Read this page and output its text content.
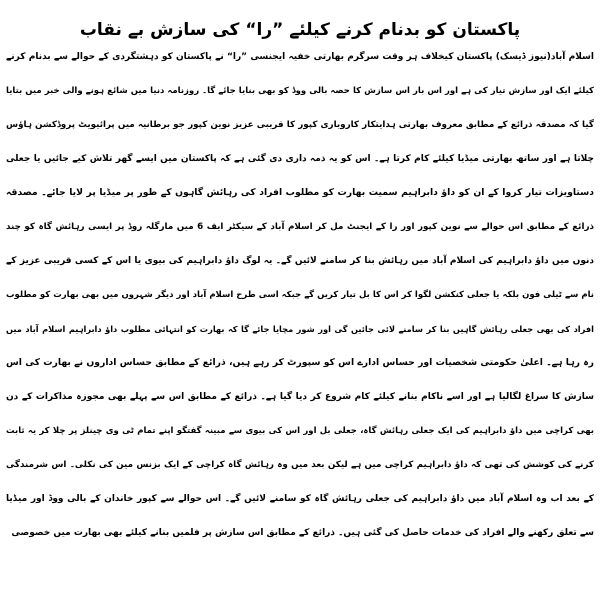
پاکستان کو بدنام کرنے کیلئے ”را“ کی سازش بے نقاب
اسلام آباد(نیوز ڈیسک) پاکستان کیخلاف ہر وقت سرگرم بھارتی خفیہ ایجنسی ”را“ نے پاکستان کو دہشتگردی کے حوالے سے بدنام کرنے
کیلئے ایک اور سازش تیار کی ہے اور اس بار اس سازش کا حصہ بالی ووڈ کو بھی بنایا جائے گا۔ روزنامہ دنیا میں شائع ہونے والی خبر میں بتایا
گیا کہ مصدقہ ذرائع کے مطابق معروف بھارتی ہدایتکار کاروباری کپور کا قریبی عزیز نوین کپور جو برطانیہ میں پرائیویٹ پروڈکشن ہاؤس
چلاتا ہے اور ساتھ بھارتی میڈیا کیلئے کام کرتا ہے۔ اس کو یہ ذمہ داری دی گئی ہے کہ پاکستان میں ایسے گھر تلاش کیے جائیں یا جعلی
دستاویزات تیار کروا کے ان کو داؤ دابراہیم سمیت بھارت کو مطلوب افراد کی رہائش گاہوں کے طور پر میڈیا پر لایا جائے۔ مصدقہ
ذرائع کے مطابق اس حوالے سے نوین کپور اور را کے ایجنٹ مل کر اسلام آباد کے سیکٹر ایف 6 میں مارگلہ روڈ پر ایسی رہائش گاہ کو چند
دنوں میں داؤ دابراہیم کی اسلام آباد میں رہائش بنا کر سامنے لائیں گے۔ یہ لوگ داؤ دابراہیم کی بیوی یا اس کے کسی قریبی عزیز کے
نام سے ٹیلی فون بلکہ یا جعلی کنکشن لگوا کر اس کا بل تیار کریں گے جبکہ اسی طرح اسلام آباد اور دیگر شہروں میں بھی بھارت کو مطلوب
افراد کی بھی جعلی رہائش گاہیں بنا کر سامنے لائی جائیں گی اور شور مچایا جائے گا کہ بھارت کو انتہائی مطلوب داؤ دابراہیم اسلام آباد میں
رہ رہا ہے۔ اعلیٰ حکومتی شخصیات اور حساس ادارے اس کو سپورٹ کر رہے ہیں، ذرائع کے مطابق حساس اداروں نے بھارت کی اس
سازش کا سراغ لگالیا ہے اور اسے ناکام بنانے کیلئے کام شروع کر دیا گیا ہے۔ ذرائع کے مطابق اس سے پہلے بھی مجوزہ مذاکرات کے دن
بھی کراچی میں داؤ دابراہیم کی ایک جعلی رہائش گاہ، جعلی بل اور اس کی بیوی سے مبینہ گفتگو اپنے تمام ٹی وی چینلز پر چلا کر یہ ثابت
کرنے کی کوشش کی تھی کہ داؤ دابراہیم کراچی میں ہے لیکن بعد میں وہ رہائش گاہ کراچی کے ایک بزنس مین کی نکلی۔ اس شرمندگی
کے بعد اب وہ اسلام آباد میں داؤ دابراہیم کی جعلی رہائش گاہ کو سامنے لائیں گے۔ اس حوالے سے کپور خاندان کے بالی ووڈ اور میڈیا
سے تعلق رکھنے والے افراد کی خدمات حاصل کی گئی ہیں۔ ذرائع کے مطابق اس سازش پر فلمیں بنانے کیلئے بھی بھارت میں خصوصی
